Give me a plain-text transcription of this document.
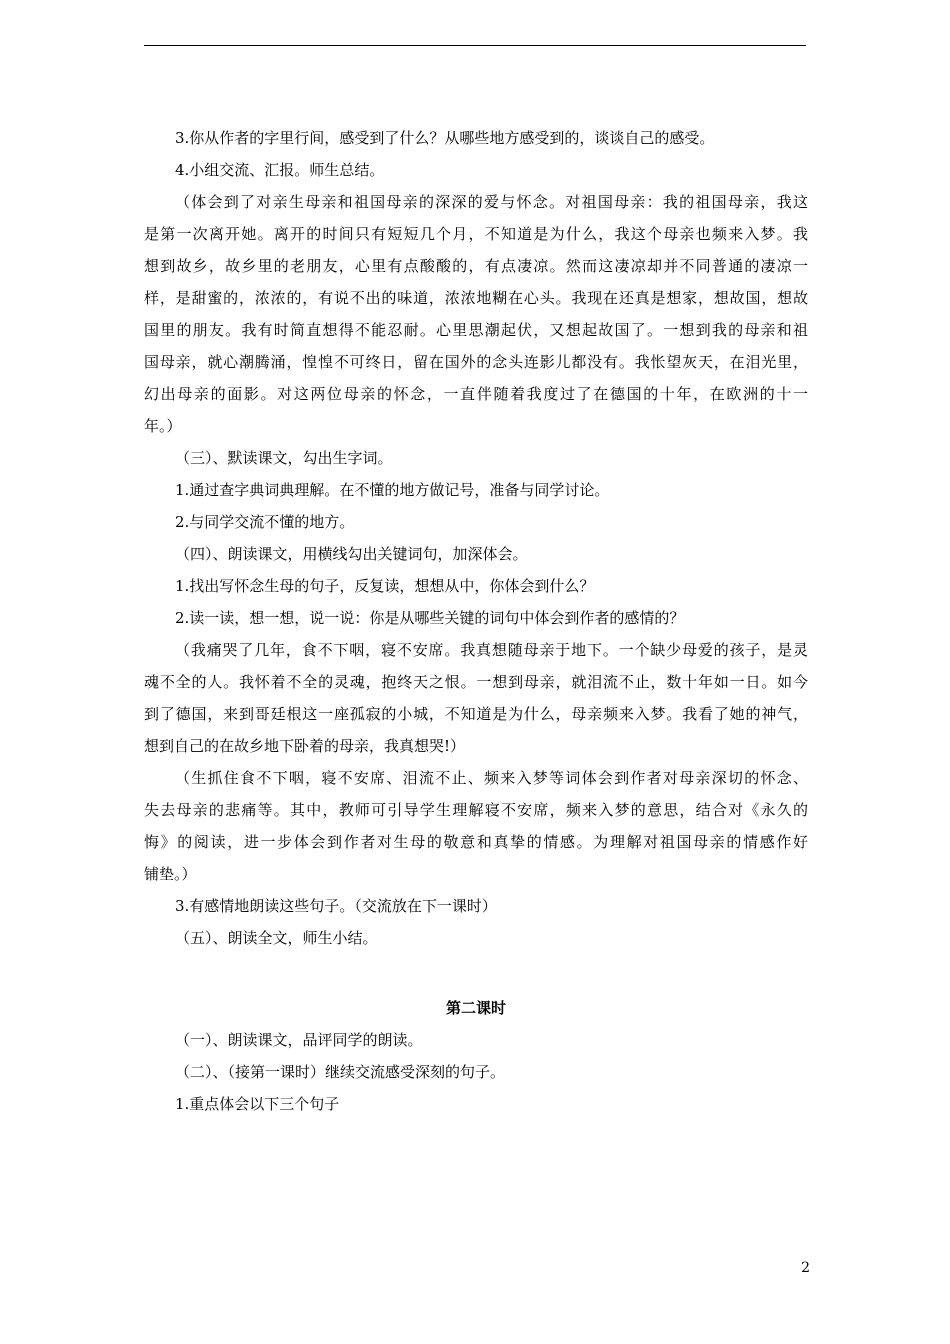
3.你从作者的字里行间，感受到了什么？从哪些地方感受到的，谈谈自己的感受。
4.小组交流、汇报。师生总结。
（体会到了对亲生母亲和祖国母亲的深深的爱与怀念。对祖国母亲：我的祖国母亲，我这
是第一次离开她。离开的时间只有短短几个月，不知道是为什么，我这个母亲也频来入梦。我
想到故乡，故乡里的老朋友，心里有点酸酸的，有点凄凉。然而这凄凉却并不同普通的凄凉一
样，是甜蜜的，浓浓的，有说不出的味道，浓浓地糊在心头。我现在还真是想家，想故国，想故
国里的朋友。我有时简直想得不能忍耐。心里思潮起伏，又想起故国了。一想到我的母亲和祖
国母亲，就心潮腾涌，惶惶不可终日，留在国外的念头连影儿都没有。我怅望灰天，在泪光里，
幻出母亲的面影。对这两位母亲的怀念，一直伴随着我度过了在德国的十年，在欧洲的十一
年。）
（三）、默读课文，勾出生字词。
1.通过查字典词典理解。在不懂的地方做记号，准备与同学讨论。
2.与同学交流不懂的地方。
（四）、朗读课文，用横线勾出关键词句，加深体会。
1.找出写怀念生母的句子，反复读，想想从中，你体会到什么？
2.读一读，想一想，说一说：你是从哪些关键的词句中体会到作者的感情的？
（我痛哭了几年，食不下咽，寝不安席。我真想随母亲于地下。一个缺少母爱的孩子，是灵
魂不全的人。我怀着不全的灵魂，抱终天之恨。一想到母亲，就泪流不止，数十年如一日。如今
到了德国，来到哥廷根这一座孤寂的小城，不知道是为什么，母亲频来入梦。我看了她的神气，
想到自己的在故乡地下卧着的母亲，我真想哭!）
（生抓住食不下咽，寝不安席、泪流不止、频来入梦等词体会到作者对母亲深切的怀念、
失去母亲的悲痛等。其中，教师可引导学生理解寝不安席，频来入梦的意思，结合对《永久的
悔》的阅读，进一步体会到作者对生母的敬意和真挚的情感。为理解对祖国母亲的情感作好
铺垫。）
3.有感情地朗读这些句子。（交流放在下一课时）
（五）、朗读全文，师生小结。
第二课时
（一）、朗读课文，品评同学的朗读。
（二）、（接第一课时）继续交流感受深刻的句子。
1.重点体会以下三个句子
2
